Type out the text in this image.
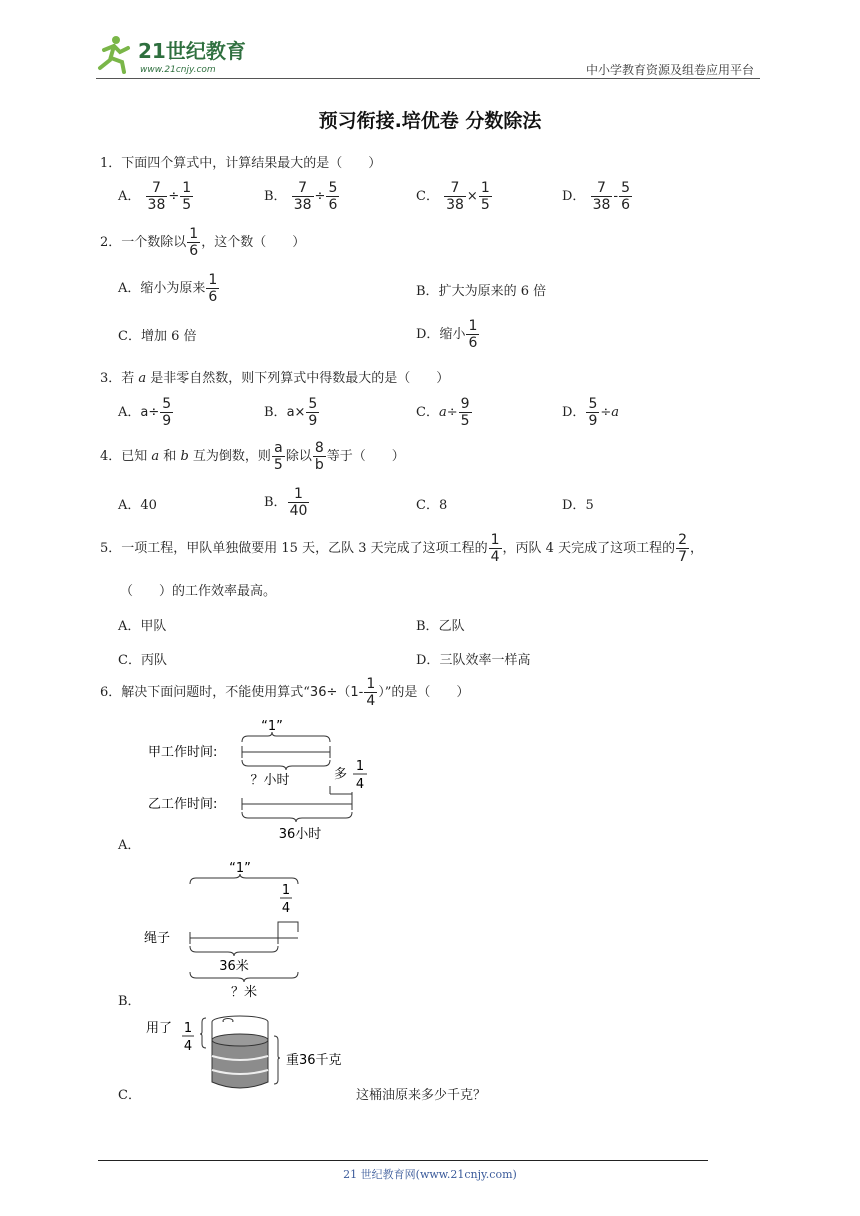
21世纪教育
www.21cnjy.com	中小学教育资源及组卷应用平台
预习衔接.培优卷 分数除法
1．下面四个算式中，计算结果最大的是（　　）
A． $\frac{7}{38} \div \frac{1}{5}$	B． $\frac{7}{38} \div \frac{5}{6}$	C． $\frac{7}{38} \times \frac{1}{5}$	D． $\frac{7}{38} - \frac{5}{6}$
2．一个数除以 $\frac{1}{6}$ ，这个数（　　）
A．缩小为原来 $\frac{1}{6}$	B．扩大为原来的 6 倍
C．增加 6 倍	D．缩小 $\frac{1}{6}$
3．若 a 是非零自然数，则下列算式中得数最大的是（　　）
A．$a\div \frac{5}{9}$	B．$a\times \frac{5}{9}$	C．$a\div \frac{9}{5}$	D． $\frac{5}{9} \div a$
4．已知 a 和 b 互为倒数，则 $\frac{a}{5}$ 除以 $\frac{8}{b}$ 等于（　　）
A．40	B． $\frac{1}{40}$	C．8	D．5
5．一项工程，甲队单独做要用 15 天，乙队 3 天完成了这项工程的 $\frac{1}{4}$ ，丙队 4 天完成了这项工程的 $\frac{2}{7}$ ，
（　　）的工作效率最高。
A．甲队	B．乙队
C．丙队	D．三队效率一样高
6．解决下面问题时，不能使用算式“$36\div(1- \frac{1}{4}$ ）”的是（　　）
“1”
甲工作时间:
？小时	多
1
4
乙工作时间:
36小时
A．
“1”
1
4
绳子
36米
？米
B．
用了 1
4
重36千克
C．	这桶油原来多少千克？
21 世纪教育网(www.21cnjy.com)
